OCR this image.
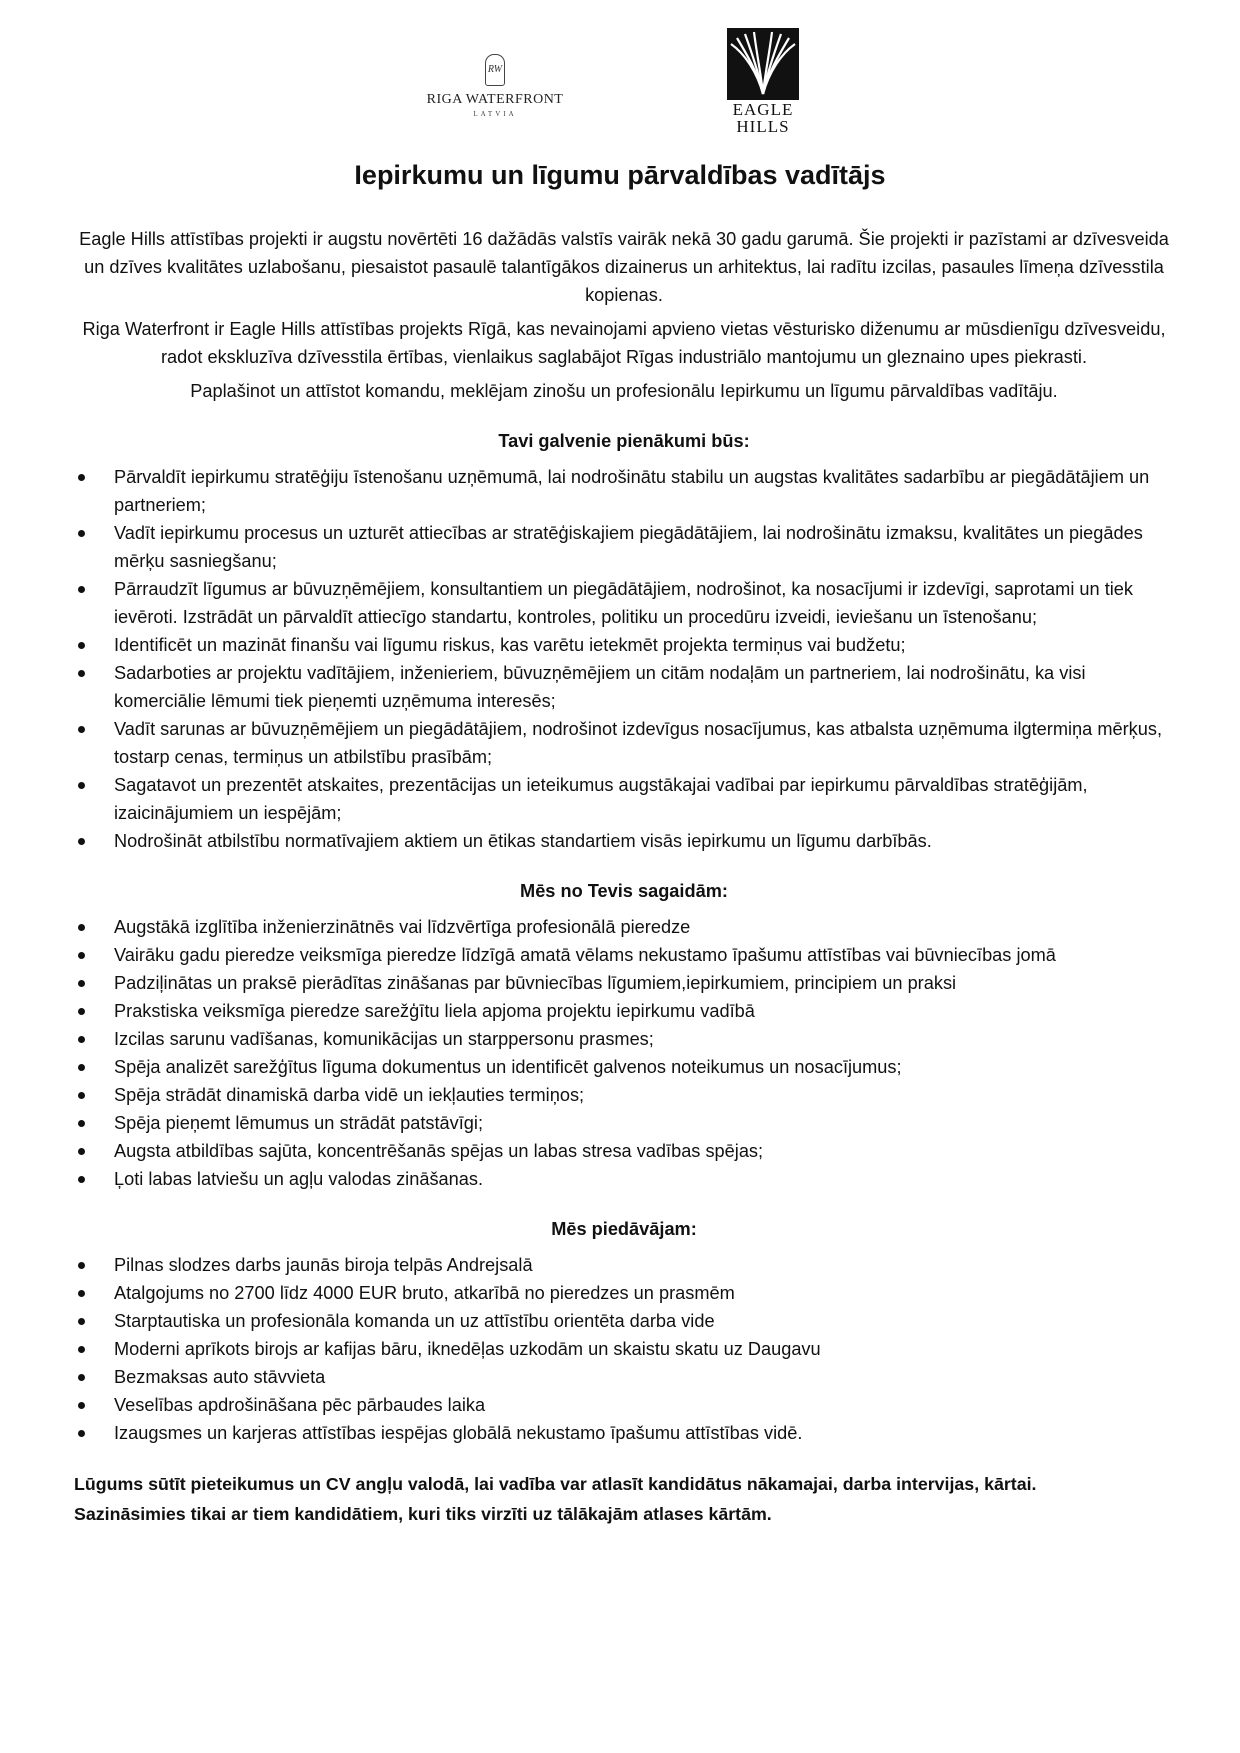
RW
RIGA WATERFRONT
LATVIA	EAGLE
HILLS
Iepirkumu un līgumu pārvaldības vadītājs

Eagle Hills attīstības projekti ir augstu novērtēti 16 dažādās valstīs vairāk nekā 30 gadu garumā. Šie projekti ir pazīstami ar dzīvesveida un dzīves kvalitātes uzlabošanu, piesaistot pasaulē talantīgākos dizainerus un arhitektus, lai radītu izcilas, pasaules līmeņa dzīvesstila kopienas.

Riga Waterfront ir Eagle Hills attīstības projekts Rīgā, kas nevainojami apvieno vietas vēsturisko diženumu ar mūsdienīgu dzīvesveidu, radot ekskluzīva dzīvesstila ērtības, vienlaikus saglabājot Rīgas industriālo mantojumu un gleznaino upes piekrasti.

Paplašinot un attīstot komandu, meklējam zinošu un profesionālu Iepirkumu un līgumu pārvaldības vadītāju.

Tavi galvenie pienākumi būs:
Pārvaldīt iepirkumu stratēģiju īstenošanu uzņēmumā, lai nodrošinātu stabilu un augstas kvalitātes sadarbību ar piegādātājiem un partneriem;
Vadīt iepirkumu procesus un uzturēt attiecības ar stratēģiskajiem piegādātājiem, lai nodrošinātu izmaksu, kvalitātes un piegādes mērķu sasniegšanu;
Pārraudzīt līgumus ar būvuzņēmējiem, konsultantiem un piegādātājiem, nodrošinot, ka nosacījumi ir izdevīgi, saprotami un tiek ievēroti. Izstrādāt un pārvaldīt attiecīgo standartu, kontroles, politiku un procedūru izveidi, ieviešanu un īstenošanu;
Identificēt un mazināt finanšu vai līgumu riskus, kas varētu ietekmēt projekta termiņus vai budžetu;
Sadarboties ar projektu vadītājiem, inženieriem, būvuzņēmējiem un citām nodaļām un partneriem, lai nodrošinātu, ka visi komerciālie lēmumi tiek pieņemti uzņēmuma interesēs;
Vadīt sarunas ar būvuzņēmējiem un piegādātājiem, nodrošinot izdevīgus nosacījumus, kas atbalsta uzņēmuma ilgtermiņa mērķus, tostarp cenas, termiņus un atbilstību prasībām;
Sagatavot un prezentēt atskaites, prezentācijas un ieteikumus augstākajai vadībai par iepirkumu pārvaldības stratēģijām, izaicinājumiem un iespējām;
Nodrošināt atbilstību normatīvajiem aktiem un ētikas standartiem visās iepirkumu un līgumu darbībās.
Mēs no Tevis sagaidām:
Augstākā izglītība inženierzinātnēs vai līdzvērtīga profesionālā pieredze
Vairāku gadu pieredze veiksmīga pieredze līdzīgā amatā vēlams nekustamo īpašumu attīstības vai būvniecības jomā
Padziļinātas un praksē pierādītas zināšanas par būvniecības līgumiem,iepirkumiem, principiem un praksi
Prakstiska veiksmīga pieredze sarežģītu liela apjoma projektu iepirkumu vadībā
Izcilas sarunu vadīšanas, komunikācijas un starppersonu prasmes;
Spēja analizēt sarežģītus līguma dokumentus un identificēt galvenos noteikumus un nosacījumus;
Spēja strādāt dinamiskā darba vidē un iekļauties termiņos;
Spēja pieņemt lēmumus un strādāt patstāvīgi;
Augsta atbildības sajūta, koncentrēšanās spējas un labas stresa vadības spējas;
Ļoti labas latviešu un agļu valodas zināšanas.
Mēs piedāvājam:
Pilnas slodzes darbs jaunās biroja telpās Andrejsalā
Atalgojums no 2700 līdz 4000 EUR bruto, atkarībā no pieredzes un prasmēm
Starptautiska un profesionāla komanda un uz attīstību orientēta darba vide
Moderni aprīkots birojs ar kafijas bāru, iknedēļas uzkodām un skaistu skatu uz Daugavu
Bezmaksas auto stāvvieta
Veselības apdrošināšana pēc pārbaudes laika
Izaugsmes un karjeras attīstības iespējas globālā nekustamo īpašumu attīstības vidē.
Lūgums sūtīt pieteikumus un CV angļu valodā, lai vadība var atlasīt kandidātus nākamajai, darba intervijas, kārtai.
Sazināsimies tikai ar tiem kandidātiem, kuri tiks virzīti uz tālākajām atlases kārtām.
